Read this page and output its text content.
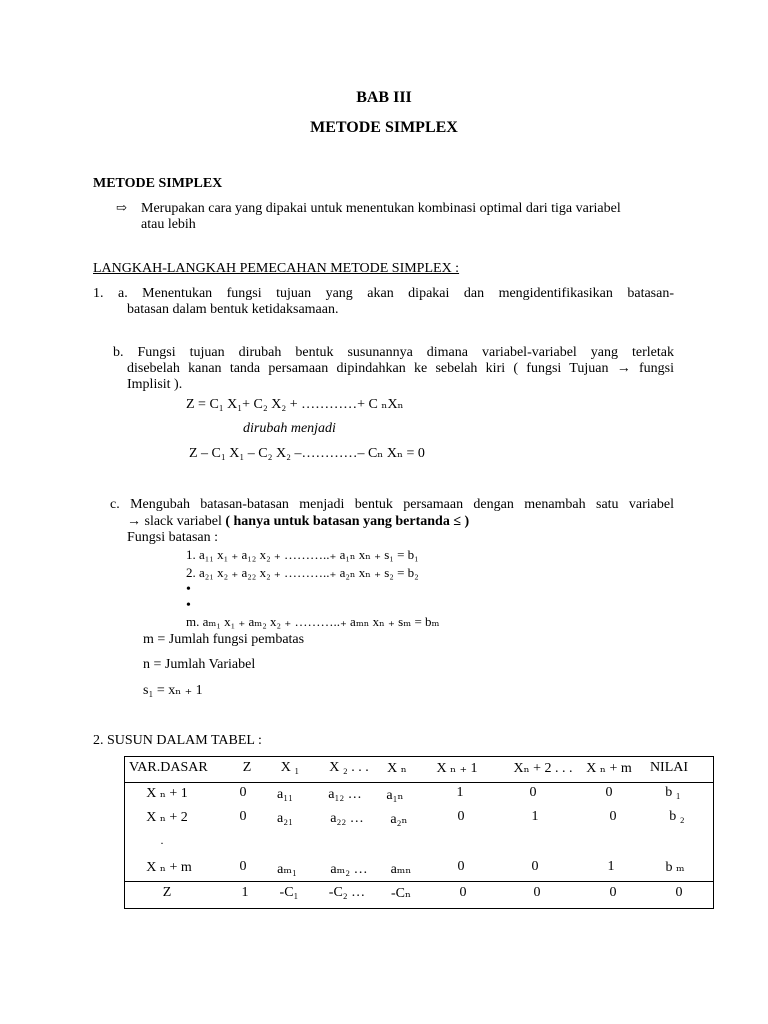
BAB III
METODE SIMPLEX
METODE SIMPLEX
⇨ Merupakan cara yang dipakai untuk menentukan kombinasi optimal dari tiga variabel
atau lebih
LANGKAH-LANGKAH PEMECAHAN METODE SIMPLEX :
1. a. Menentukan fungsi tujuan yang akan dipakai dan mengidentifikasikan batasan-
batasan dalam bentuk ketidaksamaan.
b. Fungsi tujuan dirubah bentuk susunannya dimana variabel-variabel yang terletak
disebelah kanan tanda persamaan dipindahkan ke sebelah kiri ( fungsi Tujuan → fungsi
Implisit ).
Z = C₁ X₁+ C₂ X₂ + …………+ C ₙXₙ
dirubah menjadi
Z – C₁ X₁ – C₂ X₂ –…………– Cₙ Xₙ = 0
c. Mengubah batasan-batasan menjadi bentuk persamaan dengan menambah satu variabel
→ slack variabel ( hanya untuk batasan yang bertanda ≤ )
Fungsi batasan :
1. a₁₁ x₁ ₊ a₁₂ x₂ ₊ ………..₊ a₁ₙ xₙ ₊ s₁ = b₁
2. a₂₁ x₂ ₊ a₂₂ x₂ ₊ ………..₊ a₂ₙ xₙ ₊ s₂ = b₂
•
•
m. aₘ₁ x₁ ₊ aₘ₂ x₂ ₊ ………..₊ aₘₙ xₙ ₊ sₘ = bₘ
m = Jumlah fungsi pembatas
n = Jumlah Variabel
s₁ = xₙ ₊ 1
2. SUSUN DALAM TABEL :
VAR.DASAR	Z X ₁ X ₂ . . . X ₙ X ₙ ₊ 1	Xₙ + 2 . . . X ₙ + m NILAI
X ₙ + 1	0 a₁₁	a₁₂ … a₁ₙ	1	0	0	b ₁
X ₙ + 2	0 a₂₁	a₂₂ … a₂ₙ	0	1	0	b ₂
.
X ₙ + m	0 aₘ₁ aₘ₂ … aₘₙ	0	0	1	b ₘ
Z	1 -C₁ -C₂ … -Cₙ	0	0	0	0
